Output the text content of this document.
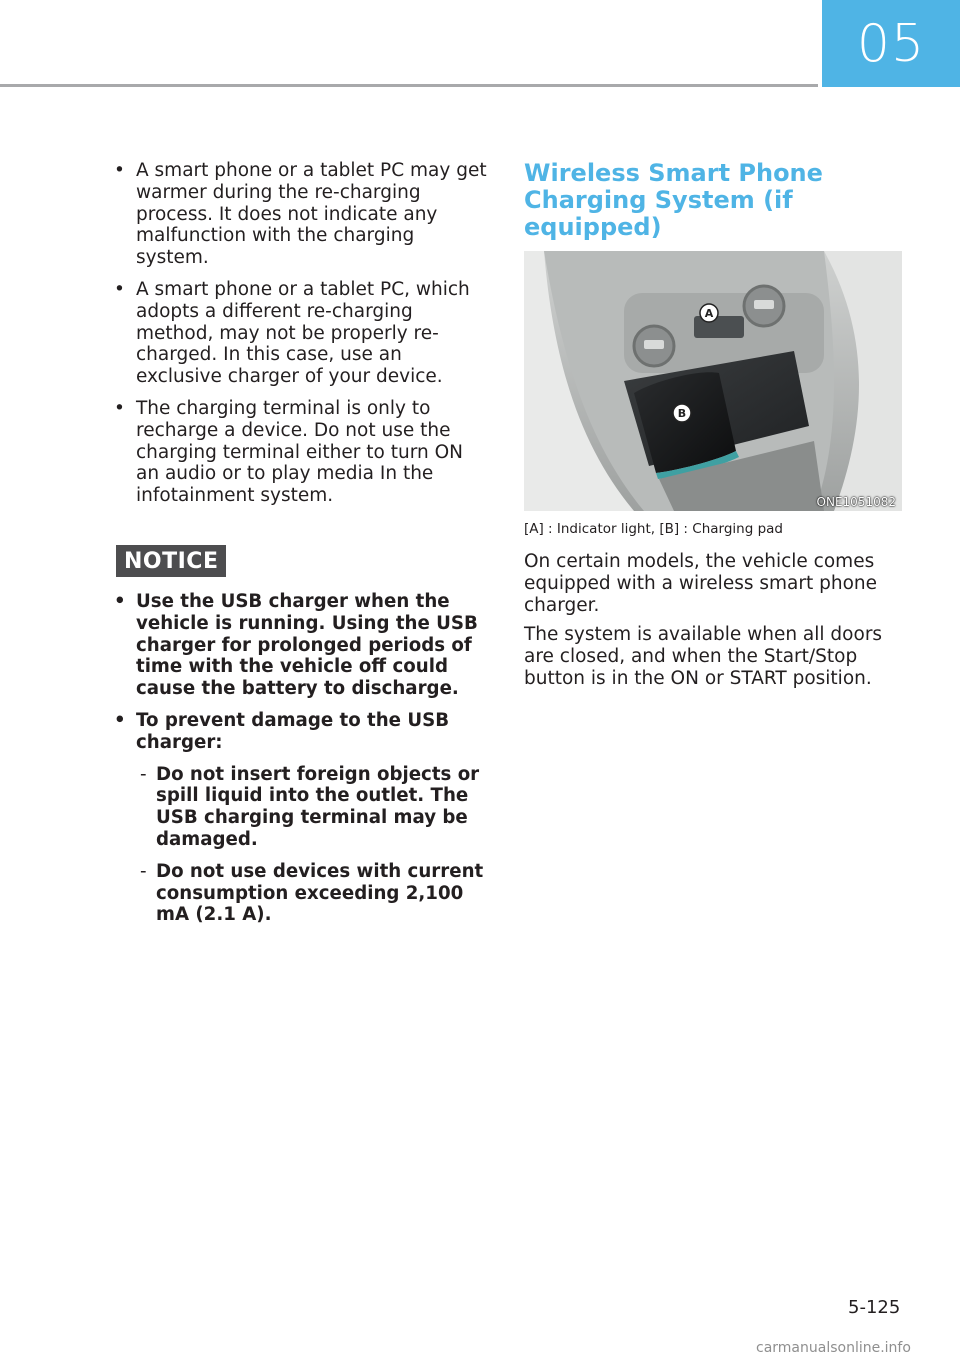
05
• A smart phone or a tablet PC may get warmer during the re-charging process. It does not indicate any malfunction with the charging system.
• A smart phone or a tablet PC, which adopts a different re-charging method, may not be properly re-charged. In this case, use an exclusive charger of your device.
• The charging terminal is only to recharge a device. Do not use the charging terminal either to turn ON an audio or to play media In the infotainment system.
NOTICE
• Use the USB charger when the vehicle is running. Using the USB charger for prolonged periods of time with the vehicle off could cause the battery to discharge.
• To prevent damage to the USB charger:
- Do not insert foreign objects or spill liquid into the outlet. The USB charging terminal may be damaged.
- Do not use devices with current consumption exceeding 2,100 mA (2.1 A).
Wireless Smart Phone Charging System (if equipped)
A
B
ONE1051082
[A] : Indicator light, [B] : Charging pad

On certain models, the vehicle comes equipped with a wireless smart phone charger.

The system is available when all doors are closed, and when the Start/Stop button is in the ON or START position.

5-125
carmanualsonline.info
